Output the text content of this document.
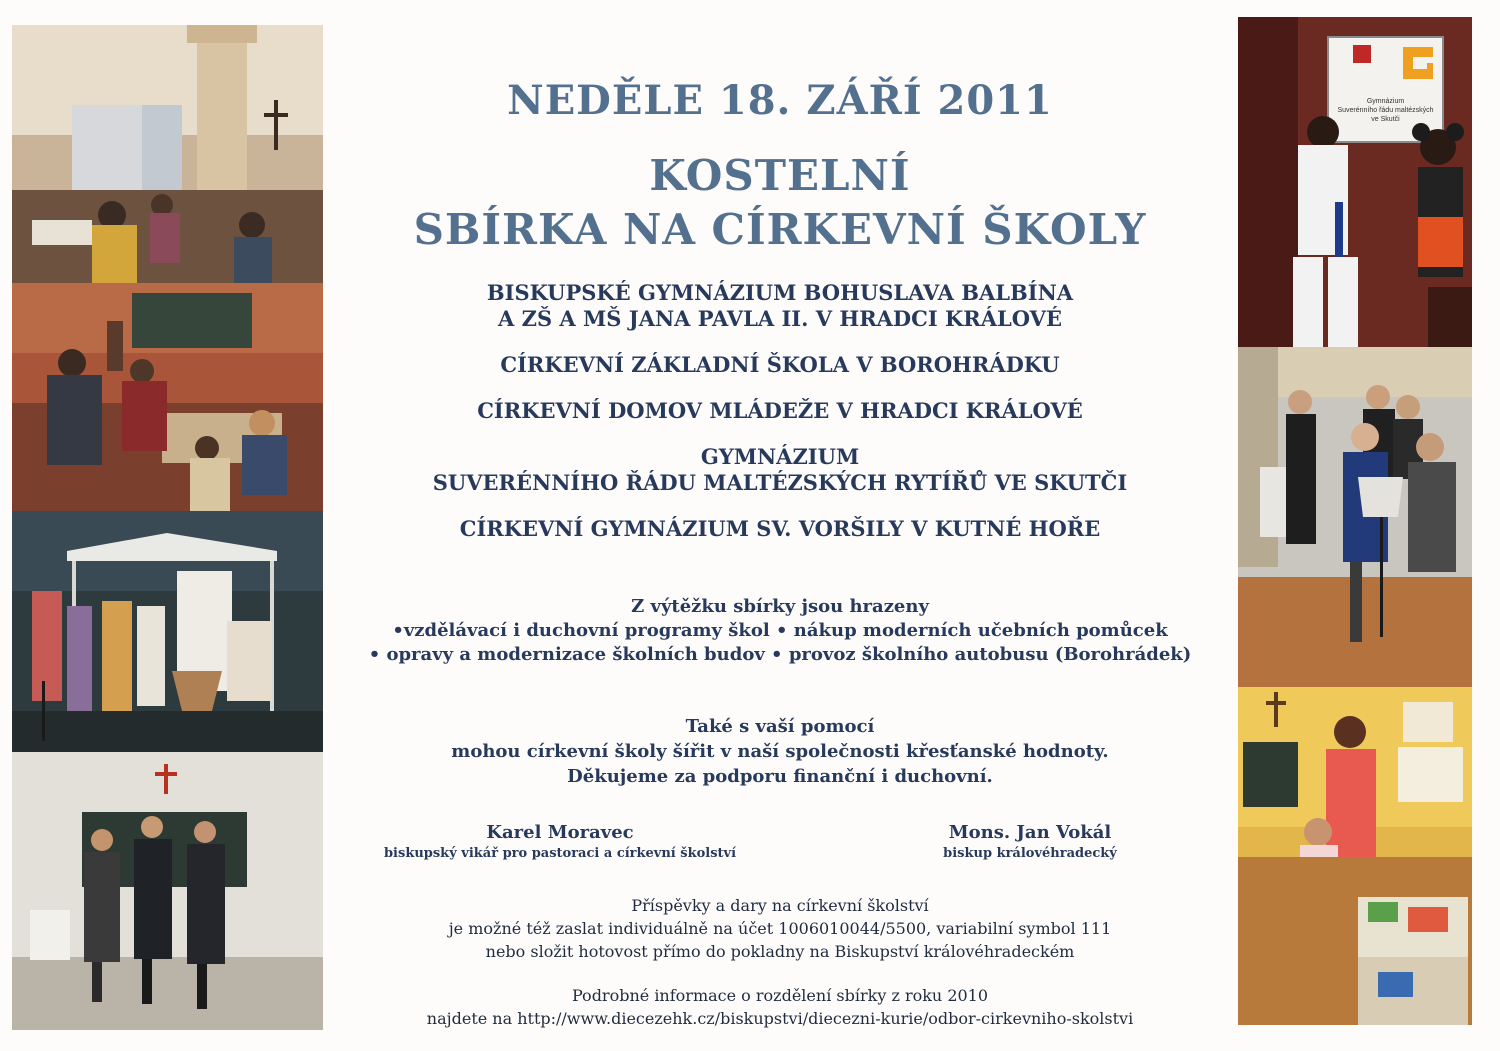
Gymnázium
Suverénního řádu maltézských
ve Skutči
NEDĚLE 18. ZÁŘÍ 2011
KOSTELNÍ
SBÍRKA NA CÍRKEVNÍ ŠKOLY
BISKUPSKÉ GYMNÁZIUM BOHUSLAVA BALBÍNA
A ZŠ A MŠ JANA PAVLA II. V HRADCI KRÁLOVÉ
CÍRKEVNÍ ZÁKLADNÍ ŠKOLA V BOROHRÁDKU
CÍRKEVNÍ DOMOV MLÁDEŽE V HRADCI KRÁLOVÉ
GYMNÁZIUM
SUVERÉNNÍHO ŘÁDU MALTÉZSKÝCH RYTÍŘŮ VE SKUTČI
CÍRKEVNÍ GYMNÁZIUM SV. VORŠILY V KUTNÉ HOŘE
Z výtěžku sbírky jsou hrazeny
•vzdělávací i duchovní programy škol • nákup moderních učebních pomůcek
• opravy a modernizace školních budov • provoz školního autobusu (Borohrádek)
Také s vaší pomocí
mohou církevní školy šířit v naší společnosti křesťanské hodnoty.
Děkujeme za podporu finanční i duchovní.
Karel Moravec
biskupský vikář pro pastoraci a církevní školství
Mons. Jan Vokál
biskup královéhradecký
Příspěvky a dary na církevní školství
je možné též zaslat individuálně na účet 1006010044/5500, variabilní symbol 111
nebo složit hotovost přímo do pokladny na Biskupství královéhradeckém
Podrobné informace o rozdělení sbírky z roku 2010
najdete na http://www.diecezehk.cz/biskupstvi/diecezni-kurie/odbor-cirkevniho-skolstvi
